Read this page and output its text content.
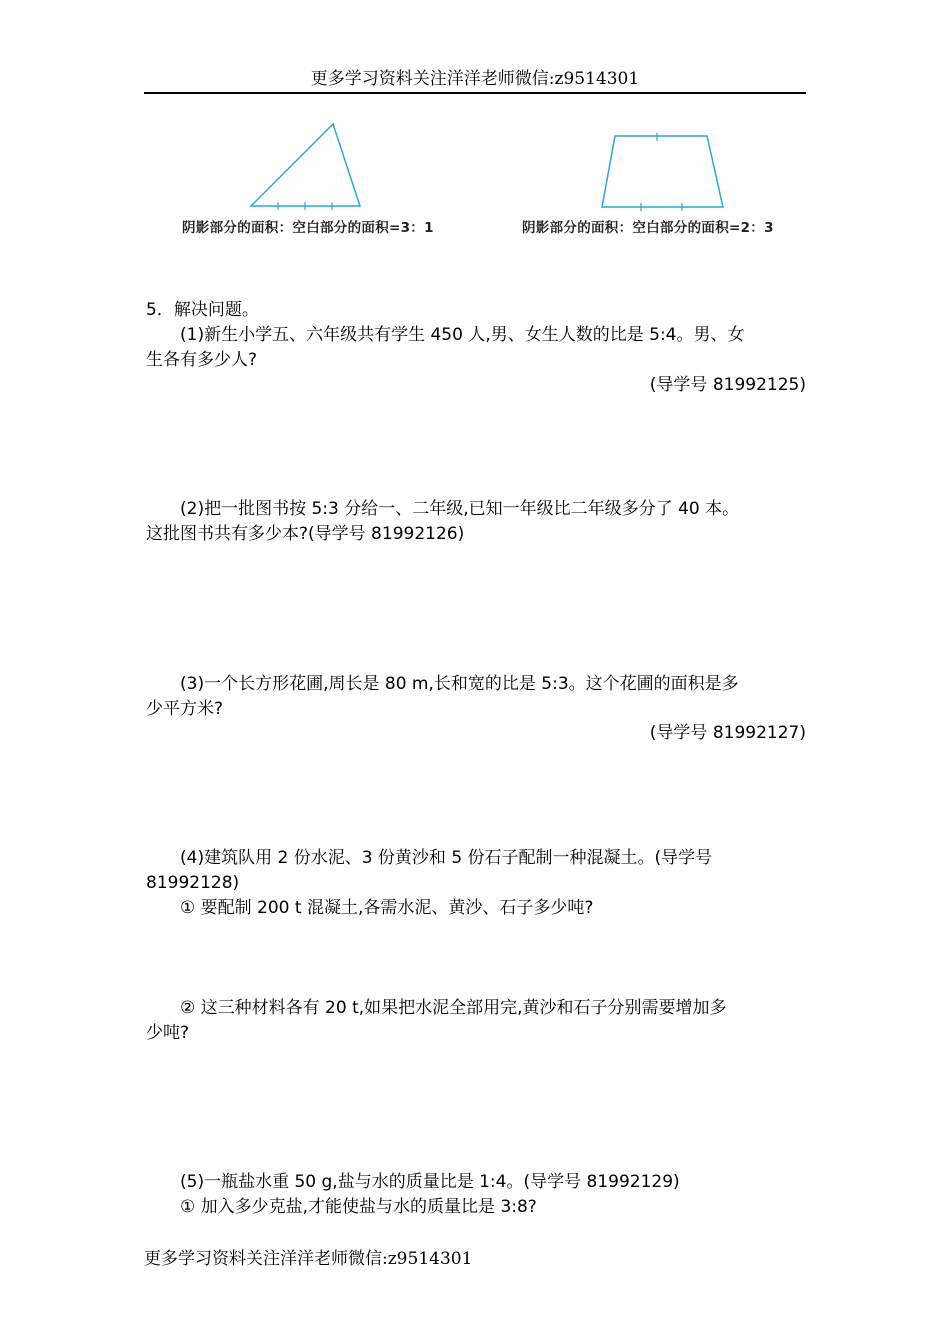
更多学习资料关注洋洋老师微信:z9514301
阴影部分的面积：空白部分的面积=3：1	阴影部分的面积：空白部分的面积=2：3
5．解决问题。
(1)新生小学五、六年级共有学生 450 人,男、女生人数的比是 5:4。男、女
生各有多少人?
(导学号 81992125)
(2)把一批图书按 5:3 分给一、二年级,已知一年级比二年级多分了 40 本。
这批图书共有多少本?(导学号 81992126)
(3)一个长方形花圃,周长是 80 m,长和宽的比是 5:3。这个花圃的面积是多
少平方米?
(导学号 81992127)
(4)建筑队用 2 份水泥、3 份黄沙和 5 份石子配制一种混凝土。(导学号
81992128)
① 要配制 200 t 混凝土,各需水泥、黄沙、石子多少吨?
② 这三种材料各有 20 t,如果把水泥全部用完,黄沙和石子分别需要增加多
少吨?
(5)一瓶盐水重 50 g,盐与水的质量比是 1:4。(导学号 81992129)
① 加入多少克盐,才能使盐与水的质量比是 3:8?
更多学习资料关注洋洋老师微信:z9514301
